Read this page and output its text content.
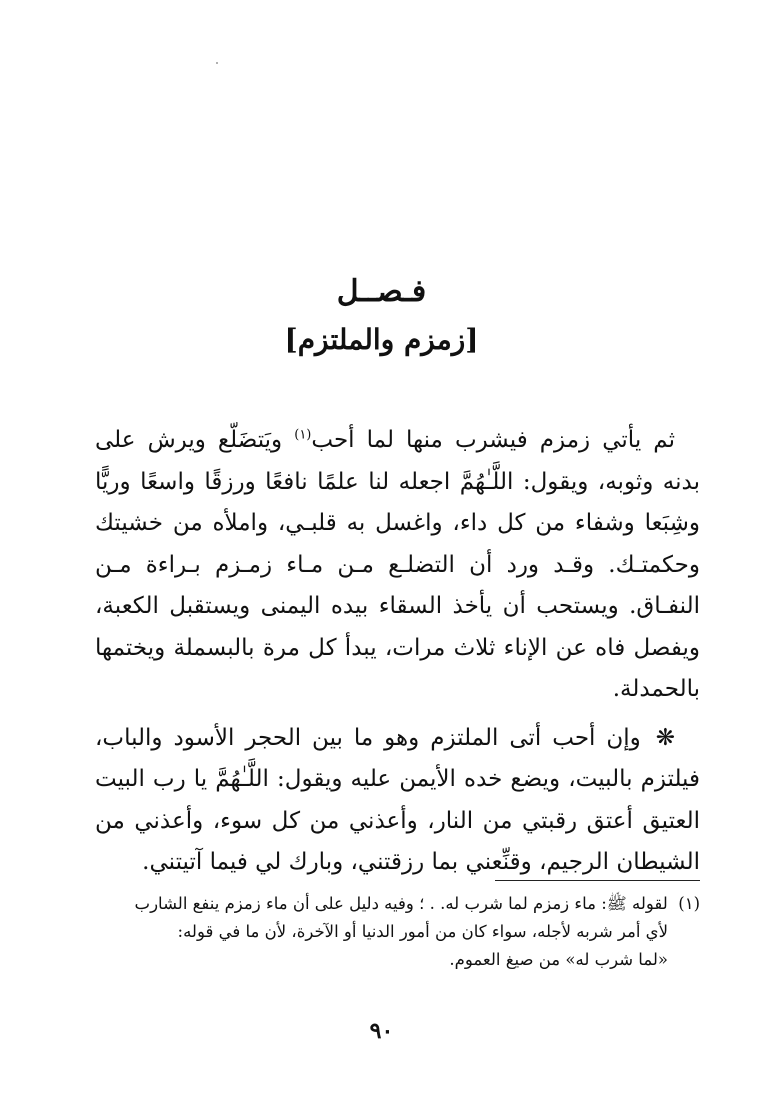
فـصــل
[زمزم والملتزم]

ثم يأتي زمزم فيشرب منها لما أحب$^{(١)}$ ويَتضَلّع ويرش على بدنه وثوبه، ويقول: اللَّـٰهُمَّ اجعله لنا علمًا نافعًا ورزقًا واسعًا وريًّا وشِبَعا وشفاء من كل داء، واغسل به قلبـي، واملأه من خشيتك وحكمتـك. وقـد ورد أن التضلـع مـن مـاء زمـزم بـراءة مـن النفـاق. ويستحب أن يأخذ السقاء بيده اليمنى ويستقبل الكعبة، ويفصل فاه عن الإناء ثلاث مرات، يبدأ كل مرة بالبسملة ويختمها بالحمدلة.

❋ وإن أحب أتى الملتزم وهو ما بين الحجر الأسود والباب، فيلتزم بالبيت، ويضع خده الأيمن عليه ويقول: اللَّـٰهُمَّ يا رب البيت العتيق أعتق رقبتي من النار، وأعذني من كل سوء، وأعذني من الشيطان الرجيم، وقنِّعني بما رزقتني، وبارك لي فيما آتيتني.

(١)  لقوله ﷺ: ماء زمزم لما شرب له. . ؛ وفيه دليل على أن ماء زمزم ينفع الشارب
لأي أمر شربه لأجله، سواء كان من أمور الدنيا أو الآخرة، لأن ما في قوله:
«لما شرب له» من صيغ العموم.
٩٠
